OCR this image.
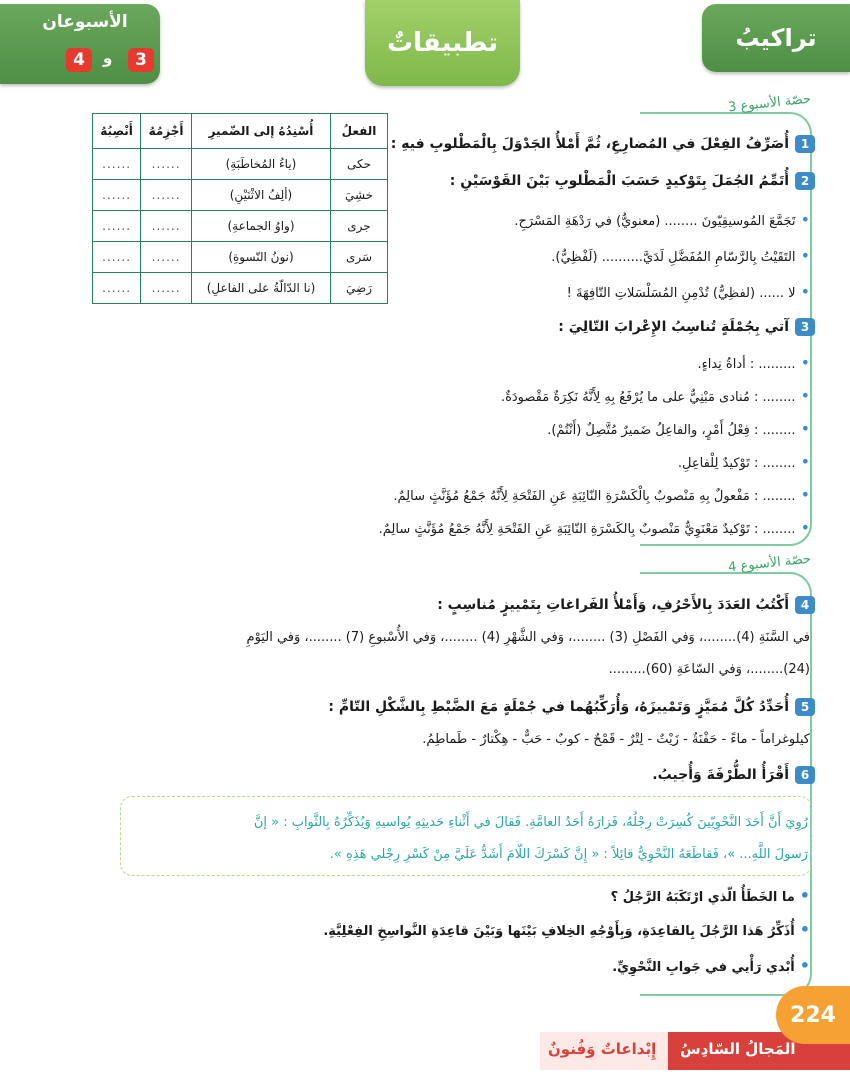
تراكيبُ
تطبيقاتٌ
الأسبوعان
4	و	3
حصّة الأسبوع 3
حصّة الأسبوع 4
الفعلُ	أُسْنِدُهُ إلى الضّميرِ	أَجْزِمُهُ	أَنْصِبُهُ
حكى	(ياءُ المُخاطَبَةِ)	......	......
خشِيَ	(ألِفُ الاثْنَيْنِ)	......	......
جرى	(واوُ الجماعةِ)	......	......
سَرى	(نونُ النّسوةِ)	......	......
رَضِيَ	(نا الدّالّةُ على الفاعلِ)	......	......
1أُصَرِّفُ الفِعْلَ في المُضارِعِ، ثُمَّ أَمْلأُ الجَدْوَلَ بِالْمَطْلوبِ فيهِ :
2أُتَمِّمُ الجُمَلَ بِتَوْكيدٍ حَسَبَ الْمَطْلوبِ بَيْنَ القَوْسَيْنِ :
•تَجَمَّعَ المُوسيقِيّونَ ........ (معنويٌّ) في رَدْهَةِ المَسْرَحِ.
•التَقَيْتُ بِالرَّسّامِ المُفَضَّلِ لَدَيَّ.......... (لَفْظِيٌّ).
•لا ...... (لفظِيٌّ) تُدْمِنِ المُسَلْسَلاتِ التّافِهَةَ !
3آتي بِجُمْلَةٍ تُناسِبُ الإِعْرابَ التّالِيَ :
•......... : أداةُ نِداءٍ.
•........ : مُنادى مَبْنِيٌّ على ما يُرْفَعُ بِهِ لِأَنَّهُ نَكِرَةٌ مَقْصودَةٌ.
•........ : فِعْلُ أَمْرٍ، والفاعِلُ ضَميرٌ مُتَّصِلٌ (أَنْتُمْ).
•........ : تَوْكيدٌ لِلْفاعِلِ.
•........ : مَفْعولٌ بِهِ مَنْصوبٌ بِالْكَسْرَةِ النّائِبَةِ عَنِ الفَتْحَةِ لِأَنَّهُ جَمْعُ مُؤَنَّثٍ سالِمٌ.
•........ : تَوْكيدٌ مَعْنَوِيٌّ مَنْصوبٌ بِالكَسْرَةِ النّائِبَةِ عَنِ الفَتْحَةِ لِأَنَّهُ جَمْعُ مُؤَنَّثٍ سالِمٌ.
4أَكْتُبُ العَدَدَ بِالأَحْرُفِ، وَأَمْلأُ الفَراغاتِ بِتَمْييزٍ مُناسِبٍ :
في السَّنَةِ (4)........، وَفي الفَصْلِ (3) ........، وَفي الشَّهْرِ (4) ........، وَفي الأُسْبوعِ (7) ........، وَفي اليَوْمِ
(24)........، وَفي السّاعَةِ (60).........
5أُحَدِّدُ كُلَّ مُمَيَّزٍ وَتَمْييزَهُ، وَأُرَكِّبُهُما في جُمْلَةٍ مَعَ الضَّبْطِ بِالشَّكْلِ التّامِّ :
كيلوغراماً - ماءً - حَفْنَةٌ - زَيْتٌ - لِتْرٌ - قَمْحٌ - كوبٌ - حَبٌّ - هِكْتارٌ - طَماطِمُ.
6أَقْرَأُ الطُّرْفَةَ وَأُجيبُ.
رُوِيَ أَنَّ أَحَدَ النَّحْوِيّينَ كُسِرَتْ رِجْلُهُ، فَزارَهُ أَحَدُ العامَّةِ. فَقالَ في أَثْناءِ حَديثِهِ يُواسيهِ وَيُذَكِّرُهُ بِالثَّوابِ : « إنَّ
رَسولَ اللَّهِ... »، فَقاطَعَهُ النَّحْوِيُّ قائِلاً : « إِنَّ كَسْرَكَ اللّامَ أَشَدُّ عَلَيَّ مِنْ كَسْرِ رِجْلي هَذِهِ ».
•ما الخَطَأُ الّذي ارْتَكَبَهُ الرَّجُلُ ؟
•أُذَكِّرُ هَذا الرَّجُلَ بِالقاعِدَةِ، وَبِأَوْجُهِ الخِلافِ بَيْنَها وَبَيْنَ قاعِدَةِ النَّواسِخِ الفِعْلِيَّةِ.
•أُبْدي رَأْيي في جَوابِ النَّحْوِيِّ.
224
المَجالُ السّادِسُ
إِبْداعاتٌ وَفُنونٌ
